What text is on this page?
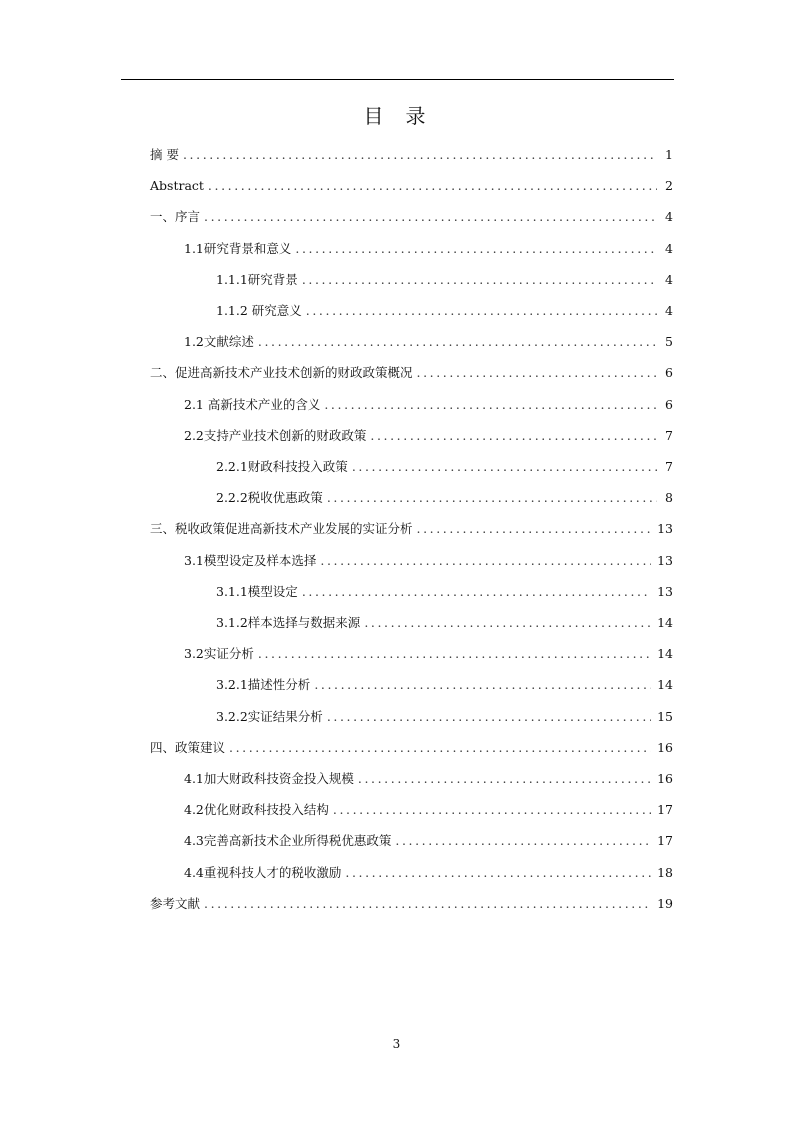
目 录
摘 要 .....	1
Abstract .....	2
一、序言 .....	4
1.1研究背景和意义 .....	4
1.1.1研究背景 .....	4
1.1.2 研究意义 .....	4
1.2文献综述 .....	5
二、促进高新技术产业技术创新的财政政策概况 .....	6
2.1 高新技术产业的含义 .....	6
2.2支持产业技术创新的财政政策 .....	7
2.2.1财政科技投入政策 .....	7
2.2.2税收优惠政策 .....	8
三、税收政策促进高新技术产业发展的实证分析 .....	13
3.1模型设定及样本选择 .....	13
3.1.1模型设定 .....	13
3.1.2样本选择与数据来源 .....	14
3.2实证分析 .....	14
3.2.1描述性分析 .....	14
3.2.2实证结果分析 .....	15
四、政策建议 .....	16
4.1加大财政科技资金投入规模 .....	16
4.2优化财政科技投入结构 .....	17
4.3完善高新技术企业所得税优惠政策 .....	17
4.4重视科技人才的税收激励 .....	18
参考文献 .....	19
3
